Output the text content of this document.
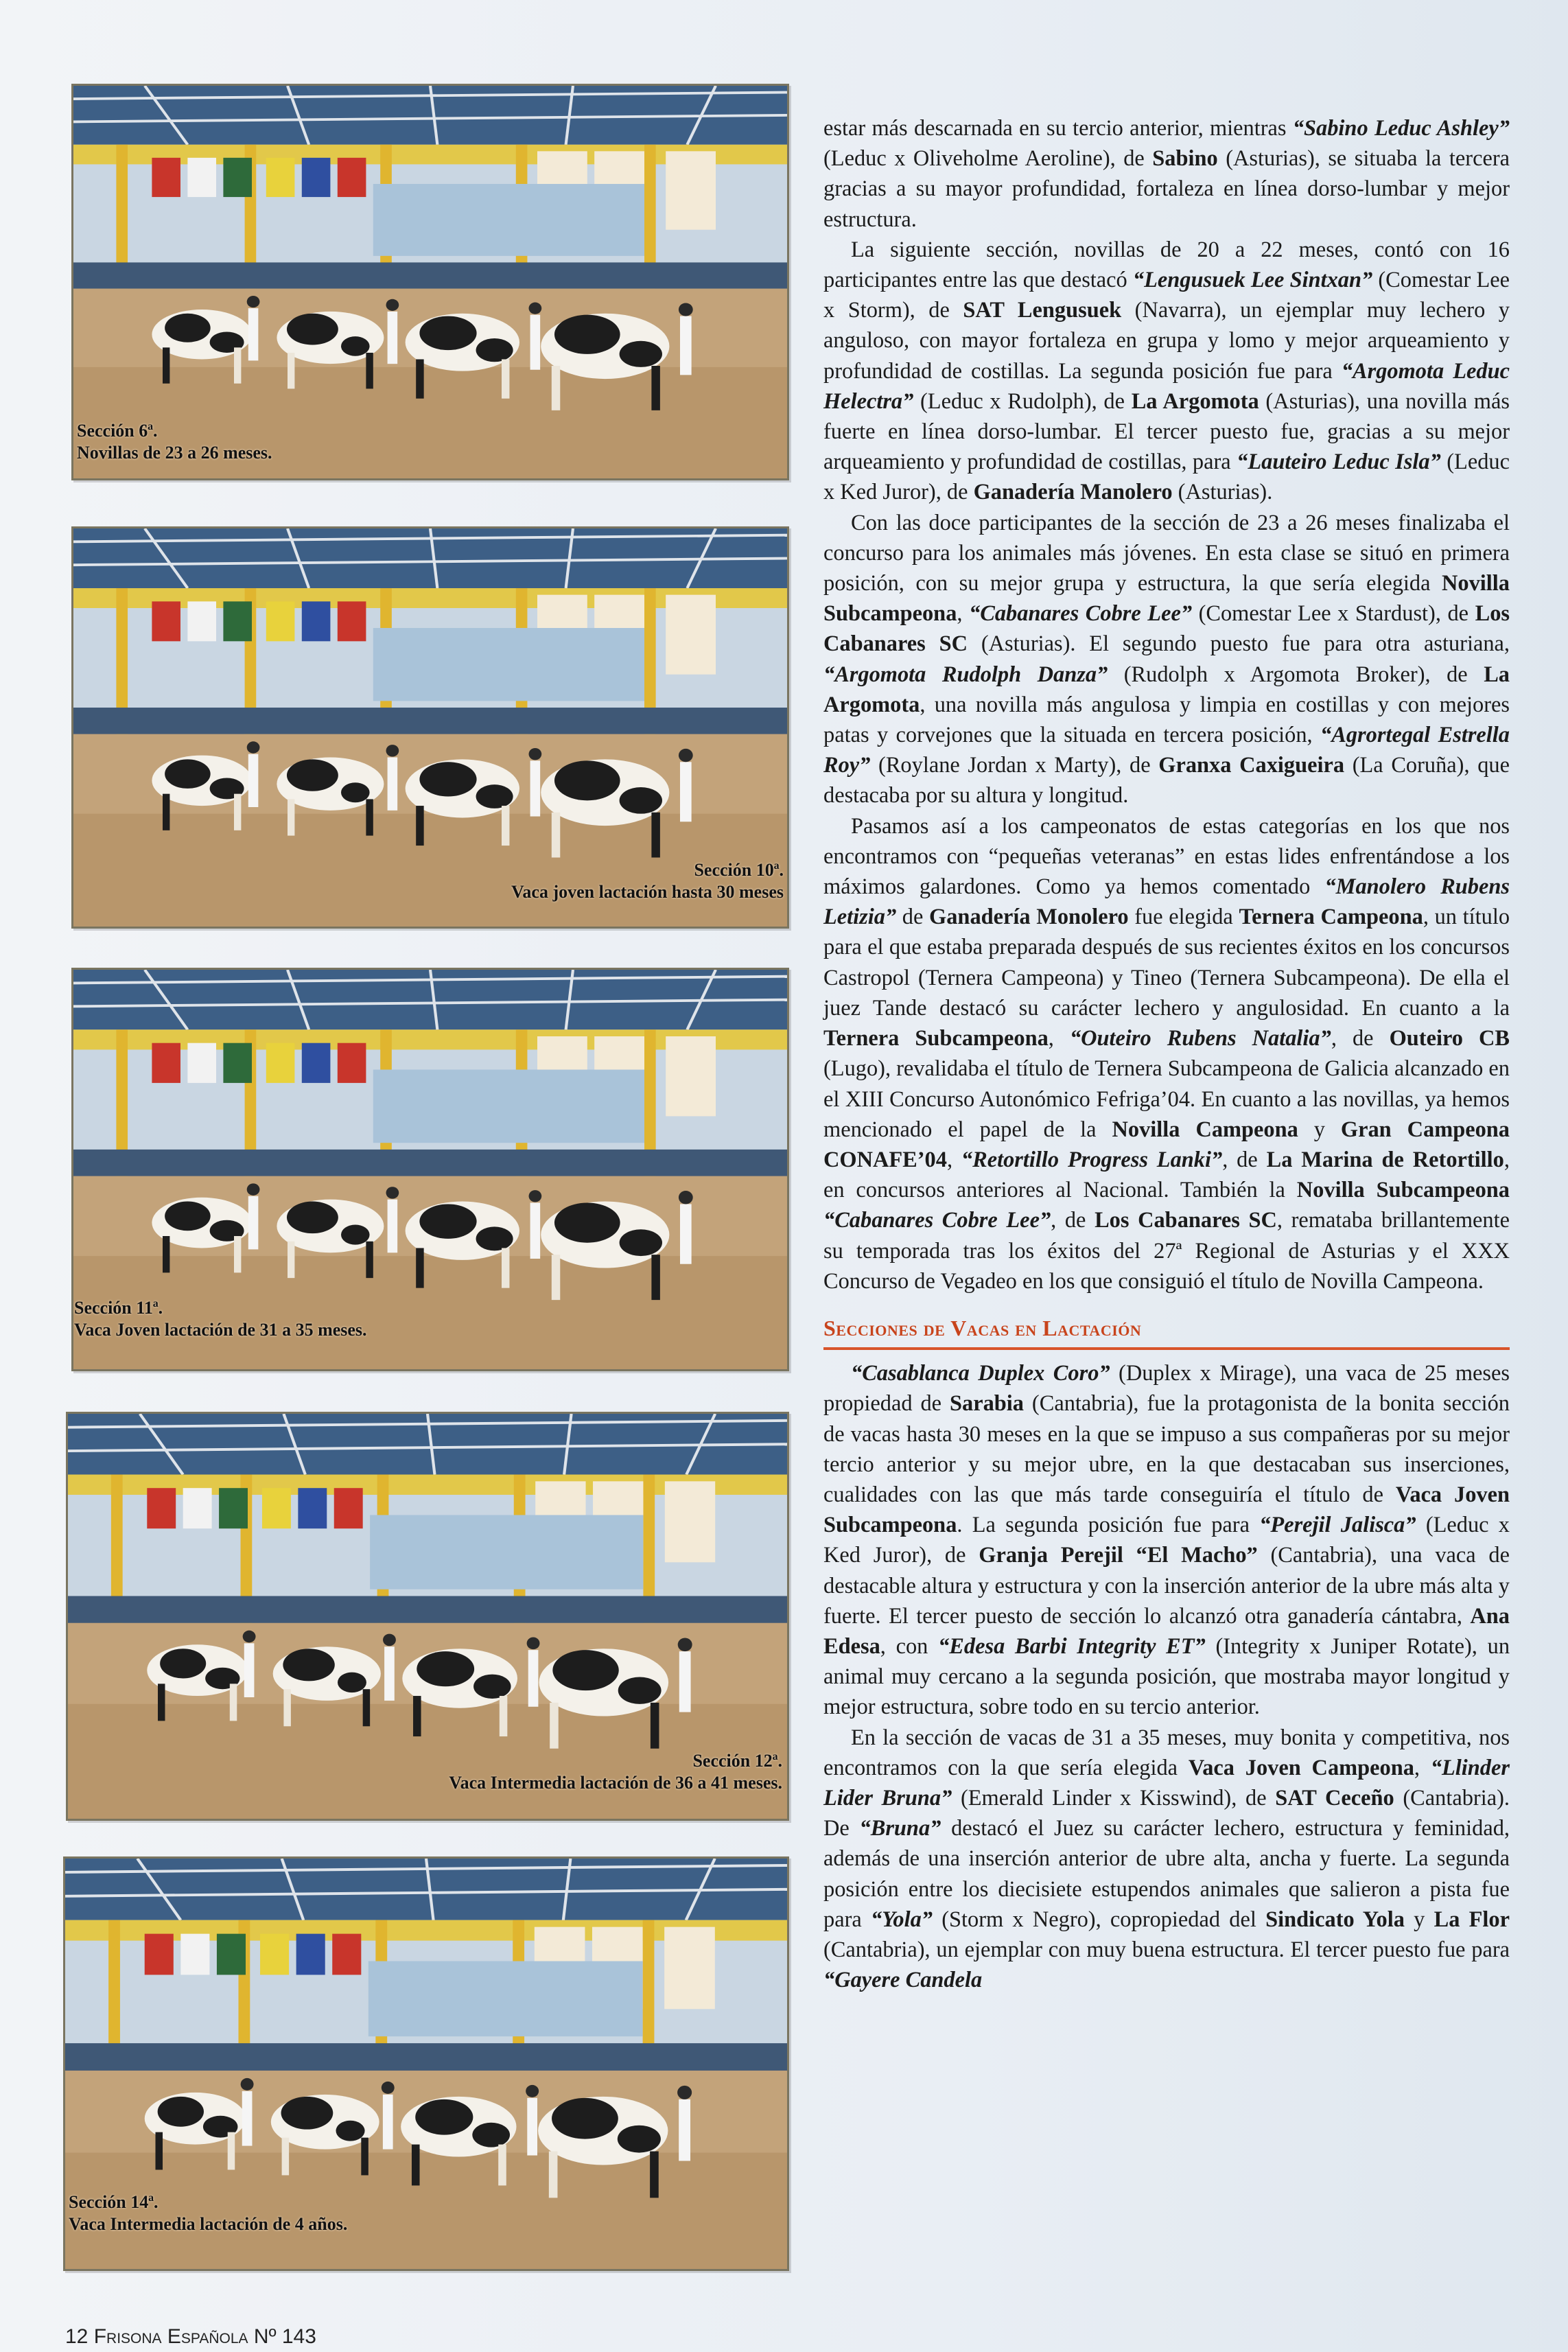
Sección 6ª.
Novillas de 23 a 26 meses.
Sección 10ª.
Vaca joven lactación hasta 30 meses
Sección 11ª.
Vaca Joven lactación de 31 a 35 meses.
Sección 12ª.
Vaca Intermedia lactación de 36 a 41 meses.
Sección 14ª.
Vaca Intermedia lactación de 4 años.

estar más descarnada en su tercio anterior, mientras “Sabino Leduc Ashley” (Leduc x Oliveholme Aeroline), de Sabino (Asturias), se situaba la tercera gracias a su mayor profundidad, fortaleza en línea dorso-lumbar y mejor estructura.

La siguiente sección, novillas de 20 a 22 meses, contó con 16 participantes entre las que destacó “Lengusuek Lee Sintxan” (Comestar Lee x Storm), de SAT Lengusuek (Navarra), un ejemplar muy lechero y anguloso, con mayor fortaleza en grupa y lomo y mejor arqueamiento y profundidad de costillas. La segunda posición fue para “Argomota Leduc Helectra” (Leduc x Rudolph), de La Argomota (Asturias), una novilla más fuerte en línea dorso-lumbar. El tercer puesto fue, gracias a su mejor arqueamiento y profundidad de costillas, para “Lauteiro Leduc Isla” (Leduc x Ked Juror), de Ganadería Manolero (Asturias).

Con las doce participantes de la sección de 23 a 26 meses finalizaba el concurso para los animales más jóvenes. En esta clase se situó en primera posición, con su mejor grupa y estructura, la que sería elegida Novilla Subcampeona, “Cabanares Cobre Lee” (Comestar Lee x Stardust), de Los Cabanares SC (Asturias). El segundo puesto fue para otra asturiana, “Argomota Rudolph Danza” (Rudolph x Argomota Broker), de La Argomota, una novilla más angulosa y limpia en costillas y con mejores patas y corvejones que la situada en tercera posición, “Agrortegal Estrella Roy” (Roylane Jordan x Marty), de Granxa Caxigueira (La Coruña), que destacaba por su altura y longitud.

Pasamos así a los campeonatos de estas categorías en los que nos encontramos con “pequeñas veteranas” en estas lides enfrentándose a los máximos galardones. Como ya hemos comentado “Manolero Rubens Letizia” de Ganadería Monolero fue elegida Ternera Campeona, un título para el que estaba preparada después de sus recientes éxitos en los concursos Castropol (Ternera Campeona) y Tineo (Ternera Subcampeona). De ella el juez Tande destacó su carácter lechero y angulosidad. En cuanto a la Ternera Subcampeona, “Outeiro Rubens Natalia”, de Outeiro CB (Lugo), revalidaba el título de Ternera Subcampeona de Galicia alcanzado en el XIII Concurso Autonómico Fefriga’04. En cuanto a las novillas, ya hemos mencionado el papel de la Novilla Campeona y Gran Campeona CONAFE’04, “Retortillo Progress Lanki”, de La Marina de Retortillo, en concursos anteriores al Nacional. También la Novilla Subcampeona “Cabanares Cobre Lee”, de Los Cabanares SC, remataba brillantemente su temporada tras los éxitos del 27ª Regional de Asturias y el XXX Concurso de Vegadeo en los que consiguió el título de Novilla Campeona.

Secciones de Vacas en Lactación

“Casablanca Duplex Coro” (Duplex x Mirage), una vaca de 25 meses propiedad de Sarabia (Cantabria), fue la protagonista de la bonita sección de vacas hasta 30 meses en la que se impuso a sus compañeras por su mejor tercio anterior y su mejor ubre, en la que destacaban sus inserciones, cualidades con las que más tarde conseguiría el título de Vaca Joven Subcampeona. La segunda posición fue para “Perejil Jalisca” (Leduc x Ked Juror), de Granja Perejil “El Macho” (Cantabria), una vaca de destacable altura y estructura y con la inserción anterior de la ubre más alta y fuerte. El tercer puesto de sección lo alcanzó otra ganadería cántabra, Ana Edesa, con “Edesa Barbi Integrity ET” (Integrity x Juniper Rotate), un animal muy cercano a la segunda posición, que mostraba mayor longitud y mejor estructura, sobre todo en su tercio anterior.

En la sección de vacas de 31 a 35 meses, muy bonita y competitiva, nos encontramos con la que sería elegida Vaca Joven Campeona, “Llinder Lider Bruna” (Emerald Linder x Kisswind), de SAT Ceceño (Cantabria). De “Bruna” destacó el Juez su carácter lechero, estructura y feminidad, además de una inserción anterior de ubre alta, ancha y fuerte. La segunda posición entre los diecisiete estupendos animales que salieron a pista fue para “Yola” (Storm x Negro), copropiedad del Sindicato Yola y La Flor (Cantabria), un ejemplar con muy buena estructura. El tercer puesto fue para “Gayere Candela

12 Frisona Española Nº 143
